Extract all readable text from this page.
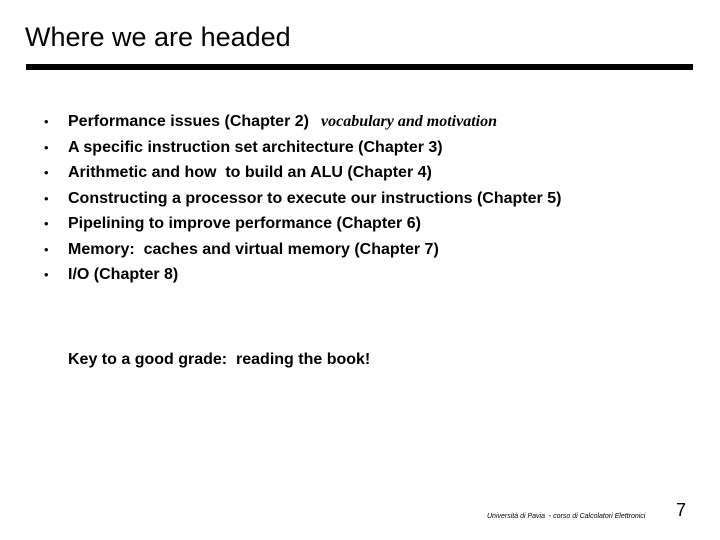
Where we are headed
•	Performance issues (Chapter 2) vocabulary and motivation
•	A specific instruction set architecture (Chapter 3)
•	Arithmetic and how  to build an ALU (Chapter 4)
•	Constructing a processor to execute our instructions (Chapter 5)
•	Pipelining to improve performance (Chapter 6)
•	Memory:  caches and virtual memory (Chapter 7)
•	I/O (Chapter 8)
Key to a good grade:  reading the book!
Università di Pavia  - corso di Calcolatori Elettronici 7
